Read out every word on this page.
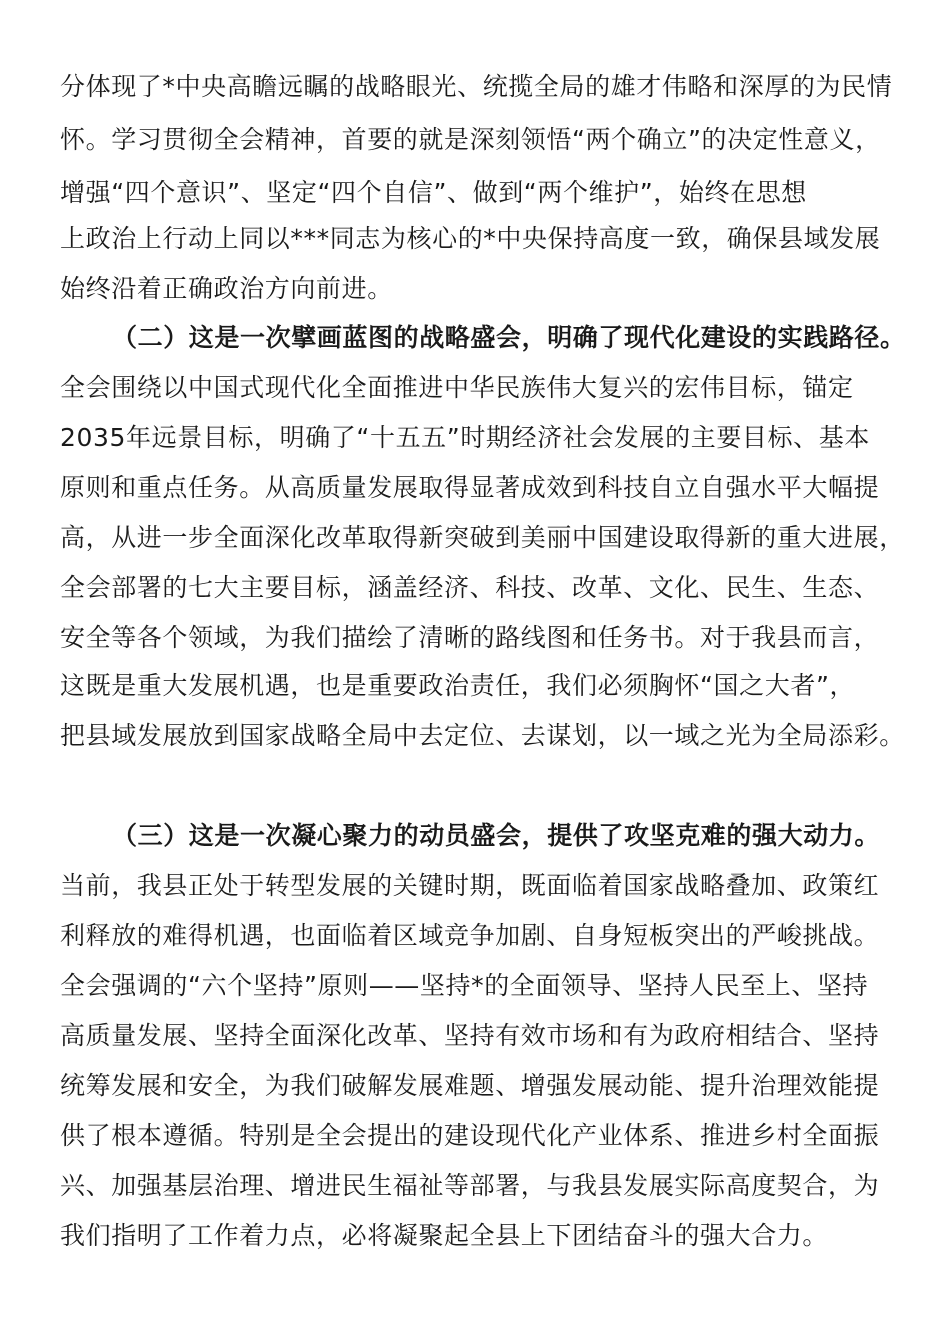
分体现了*中央高瞻远瞩的战略眼光、统揽全局的雄才伟略和深厚的为民情
怀。学习贯彻全会精神，首要的就是深刻领悟“两个确立”的决定性意义，
增强“四个意识”、坚定“四个自信”、做到“两个维护”，始终在思想
上政治上行动上同以***同志为核心的*中央保持高度一致，确保县域发展
始终沿着正确政治方向前进。
（二）这是一次擘画蓝图的战略盛会，明确了现代化建设的实践路径。
全会围绕以中国式现代化全面推进中华民族伟大复兴的宏伟目标，锚定
2035年远景目标，明确了“十五五”时期经济社会发展的主要目标、基本
原则和重点任务。从高质量发展取得显著成效到科技自立自强水平大幅提
高，从进一步全面深化改革取得新突破到美丽中国建设取得新的重大进展，
全会部署的七大主要目标，涵盖经济、科技、改革、文化、民生、生态、
安全等各个领域，为我们描绘了清晰的路线图和任务书。对于我县而言，
这既是重大发展机遇，也是重要政治责任，我们必须胸怀“国之大者”，
把县域发展放到国家战略全局中去定位、去谋划，以一域之光为全局添彩。
（三）这是一次凝心聚力的动员盛会，提供了攻坚克难的强大动力。
当前，我县正处于转型发展的关键时期，既面临着国家战略叠加、政策红
利释放的难得机遇，也面临着区域竞争加剧、自身短板突出的严峻挑战。
全会强调的“六个坚持”原则——坚持*的全面领导、坚持人民至上、坚持
高质量发展、坚持全面深化改革、坚持有效市场和有为政府相结合、坚持
统筹发展和安全，为我们破解发展难题、增强发展动能、提升治理效能提
供了根本遵循。特别是全会提出的建设现代化产业体系、推进乡村全面振
兴、加强基层治理、增进民生福祉等部署，与我县发展实际高度契合，为
我们指明了工作着力点，必将凝聚起全县上下团结奋斗的强大合力。
